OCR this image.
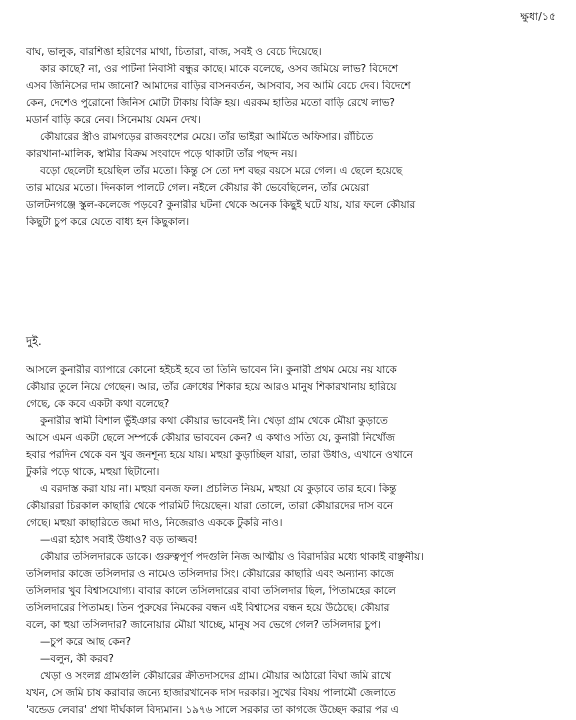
ক্ষুধা/১৫
বাঘ, ভালুক, বারশিঙা হরিণের মাথা, চিতারা, বাজ, সবই ও বেচে দিয়েছে।
কার কাছে? না, ওর পাটনা নিবাসী বন্ধুর কাছে। মাকে বলেছে, ওসব জমিয়ে লাভ? বিদেশে
এসব জিনিসের দাম জানো? আমাদের বাড়ির বাসনবর্তন, আসবাব, সব আমি বেচে দেব। বিদেশে
কেন, দেশেও পুরোনো জিনিস মোটা টাকায় বিক্রি হয়। এরকম হাতির মতো বাড়ি রেখে লাভ?
মডার্ন বাড়ি করে নেব। সিনেমায় যেমন দেখ।
কৌয়ারের স্ত্রীও রামগড়ের রাজবংশের মেয়ে। তাঁর ভাইরা আর্মিতে অফিসার। রাঁচিতে
কারখানা-মালিক, স্বামীর বিক্রম সংবাদে পড়ে থাকাটা তাঁর পছন্দ নয়।
বড়ো ছেলেটা হয়েছিল তাঁর মতো। কিন্তু সে তো দশ বছর বয়সে মরে গেল। এ ছেলে হয়েছে
তার মায়ের মতো। দিনকাল পালটে গেল। নইলে কৌয়ার কী ভেবেছিলেন, তাঁর মেয়েরা
ডালটনগঞ্জে স্কুল-কলেজে পড়বে? কুনারীর ঘটনা থেকে অনেক কিছুই ঘটে যায়, যার ফলে কৌয়ার
কিছুটা চুপ করে যেতে বাধ্য হন কিছুকাল।
দুই.
আসলে কুনারীর ব্যাপারে কোনো হইচই হবে তা তিনি ভাবেন নি। কুনারী প্রথম মেয়ে নয় যাকে
কৌয়ার তুলে নিয়ে গেছেন। আর, তাঁর ক্রোধের শিকার হয়ে আরও মানুষ শিকারখানায় হারিয়ে
গেছে, কে কবে একটা কথা বলেছে?
কুনারীর স্বামী বিশাল ভুঁইঞার কথা কৌয়ার ভাবেনই নি। খেড়া গ্রাম থেকে মৌয়া কুড়াতে
আসে এমন একটা ছেলে সম্পর্কে কৌয়ার ভাববেন কেন? এ কথাও সত্যি যে, কুনারী নিখোঁজ
হবার পরদিন থেকে বন খুব জনশূন্য হয়ে যায়। মহুয়া কুড়াচ্ছিল যারা, তারা উধাও, এখানে ওখানে
টুকরি পড়ে থাকে, মহুয়া ছিটানো।
এ বরদাস্ত করা যায় না। মহুয়া বনজ ফল। প্রচলিত নিয়ম, মহুয়া যে কুড়াবে তার হবে। কিন্তু
কৌয়াররা চিরকাল কাছারি থেকে পারমিট দিয়েছেন। যারা তোলে, তারা কৌয়ারদের দাস বনে
গেছে। মহুয়া কাছারিতে জমা দাও, নিজেরাও এককে টুকরি নাও।
—এরা হঠাৎ সবাই উধাও? বড় তাজ্জব!
কৌয়ার তসিলদারকে ডাকে। গুরুত্বপূর্ণ পদগুলি নিজ আত্মীয় ও বিরাদরির মধ্যে থাকাই বাঞ্ছনীয়।
তসিলদার কাজে তসিলদার ও নামেও তসিলদার সিং। কৌয়ারের কাছারি এবং অন্যান্য কাজে
তসিলদার খুব বিশ্বাসযোগ্য। বাবার কালে তসিলদারের বাবা তসিলদার ছিল, পিতামহের কালে
তসিলদারের পিতামহ। তিন পুরুষের নিমকের বন্ধন এই বিশ্বাসের বন্ধন হয়ে উঠেছে। কৌয়ার
বলে, কা হুয়া তসিলদার? জানোয়ার মৌয়া খাচ্ছে, মানুষ সব ভেগে গেল? তসিলদার চুপ।
—চুপ করে আছ কেন?
—বলুন, কী করব?
খেড়া ও সংলগ্ন গ্রামগুলি কৌয়ারের ক্রীতদাসদের গ্রাম। মৌয়ার আঠারো বিঘা জমি রাখে
যখন, সে জমি চাষ করাবার জন্যে হাজারখানেক দাস দরকার। সুখের বিষয় পালামৌ জেলাতে
'বন্ডেড লেবার' প্রথা দীর্ঘকাল বিদ্যমান। ১৯৭৬ সালে সরকার তা কাগজে উচ্ছেদ করার পর এ
